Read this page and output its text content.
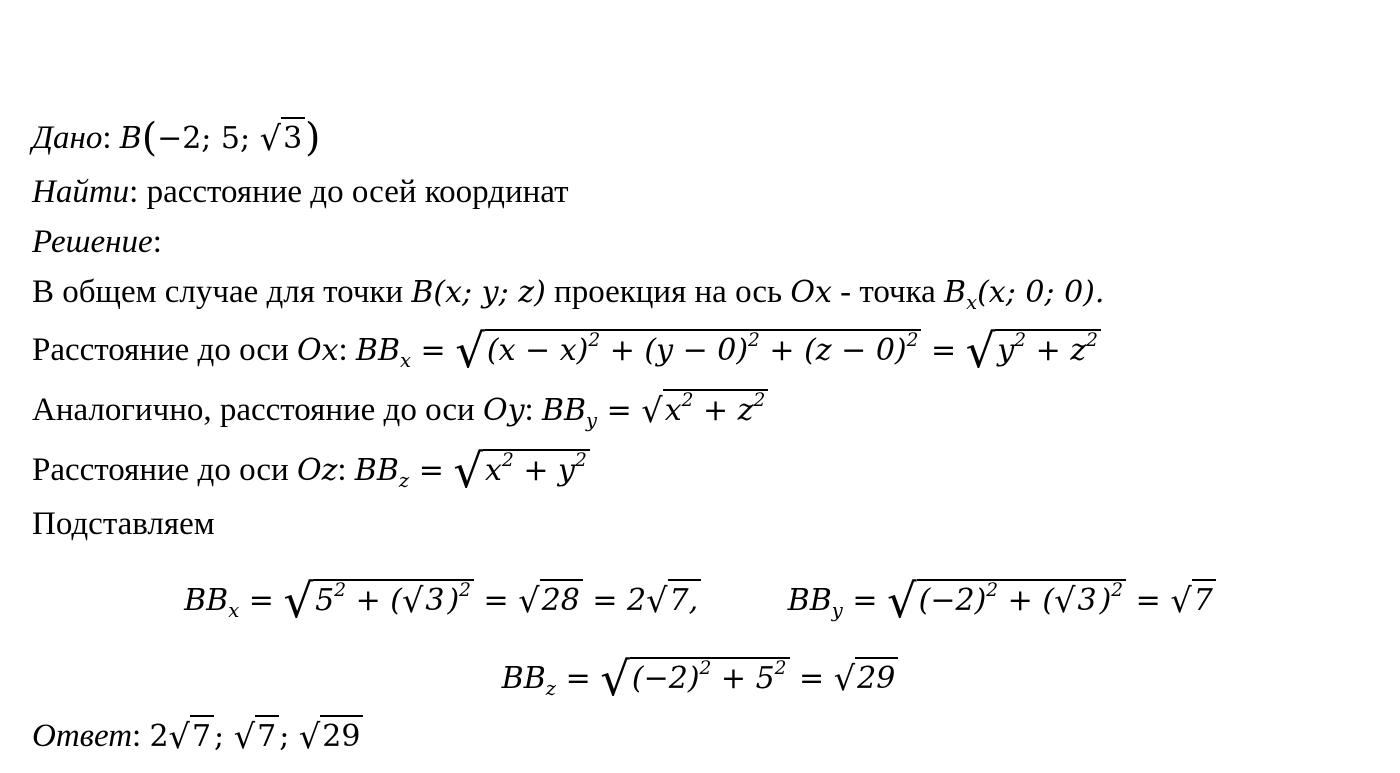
Дано: B(−2; 5; √3)
Найти: расстояние до осей координат
Решение:
В общем случае для точки B(x; y; z) проекция на ось Ox - точка $B_x(x$; 0; 0).
Расстояние до оси Ox: $BB_x = √(x - x)^2 + (y - 0)^2 + (z - 0)^2 = √y^2 + z^2$
Аналогично, расстояние до оси Oy: $BB_y = √x^2 + z^2$
Расстояние до оси Oz: $BB_z = √x^2 + y^2$
Подставляем
$BB_x = √5^2 + (√3$ )$^2$ = √28 = 2√7,	$BB_y = √(-2)^2 + (√3$ )$^2$ = √7
$BB_z = √(-2)^2 + 5^2 = √29$
Ответ: 2√7 ; √7 ; √29
